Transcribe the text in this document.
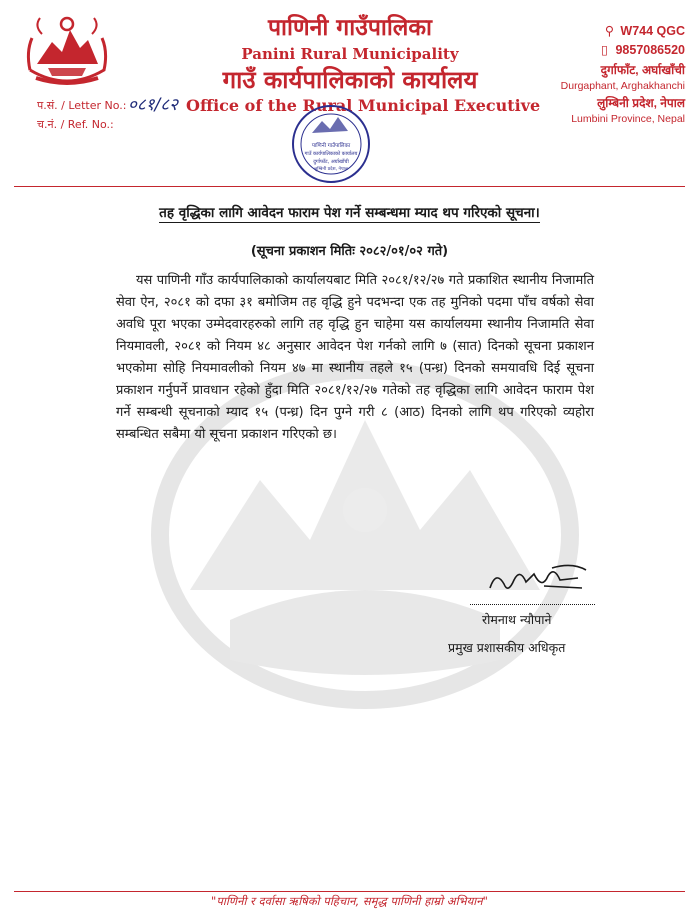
पाणिनी गाउँपालिका
Panini Rural Municipality
गाउँ कार्यपालिकाको कार्यालय
प.सं. / Letter No.: ०८१/८२ Office of the Rural Municipal Executive
च.नं. / Ref. No.:
पाणिनी गाउँपालिका
गाउँ कार्यपालिकाको कार्यालय
दुर्गाफाँट, अर्घाखाँची
लुम्बिनी प्रदेश, नेपाल
⚲ W744 QGC
▯ 9857086520
दुर्गाफाँट, अर्घाखाँची
Durgaphant, Arghakhanchi
लुम्बिनी प्रदेश, नेपाल
Lumbini Province, Nepal
तह वृद्धिका लागि आवेदन फाराम पेश गर्ने सम्बन्धमा म्याद थप गरिएको सूचना।
(सूचना प्रकाशन मितिः २०८२/०१/०२ गते)
यस पाणिनी गाँउ कार्यपालिकाको कार्यालयबाट मिति २०८१/१२/२७ गते प्रकाशित स्थानीय निजामति सेवा ऐन, २०८१ को दफा ३१ बमोजिम तह वृद्धि हुने पदभन्दा एक तह मुनिको पदमा पाँच वर्षको सेवा अवधि पूरा भएका उम्मेदवारहरुको लागि तह वृद्धि हुन चाहेमा यस कार्यालयमा स्थानीय निजामति सेवा नियमावली, २०८१ को नियम ४८ अनुसार आवेदन पेश गर्नको लागि ७ (सात) दिनको सूचना प्रकाशन भएकोमा सोहि नियमावलीको नियम ४७ मा स्थानीय तहले १५ (पन्ध्र) दिनको समयावधि दिई सूचना प्रकाशन गर्नुपर्ने प्रावधान रहेको हुँदा मिति २०८१/१२/२७ गतेको तह वृद्धिका लागि आवेदन फाराम पेश गर्ने सम्बन्धी सूचनाको म्याद १५ (पन्ध्र) दिन पुग्ने गरी ८ (आठ) दिनको लागि थप गरिएको व्यहोरा सम्बन्धित सबैमा यो सूचना प्रकाशन गरिएको छ।
रोमनाथ न्यौपाने
प्रमुख प्रशासकीय अधिकृत
"पाणिनी र दर्वासा ऋषिको पहिचान, समृद्ध पाणिनी हाम्रो अभियान"
